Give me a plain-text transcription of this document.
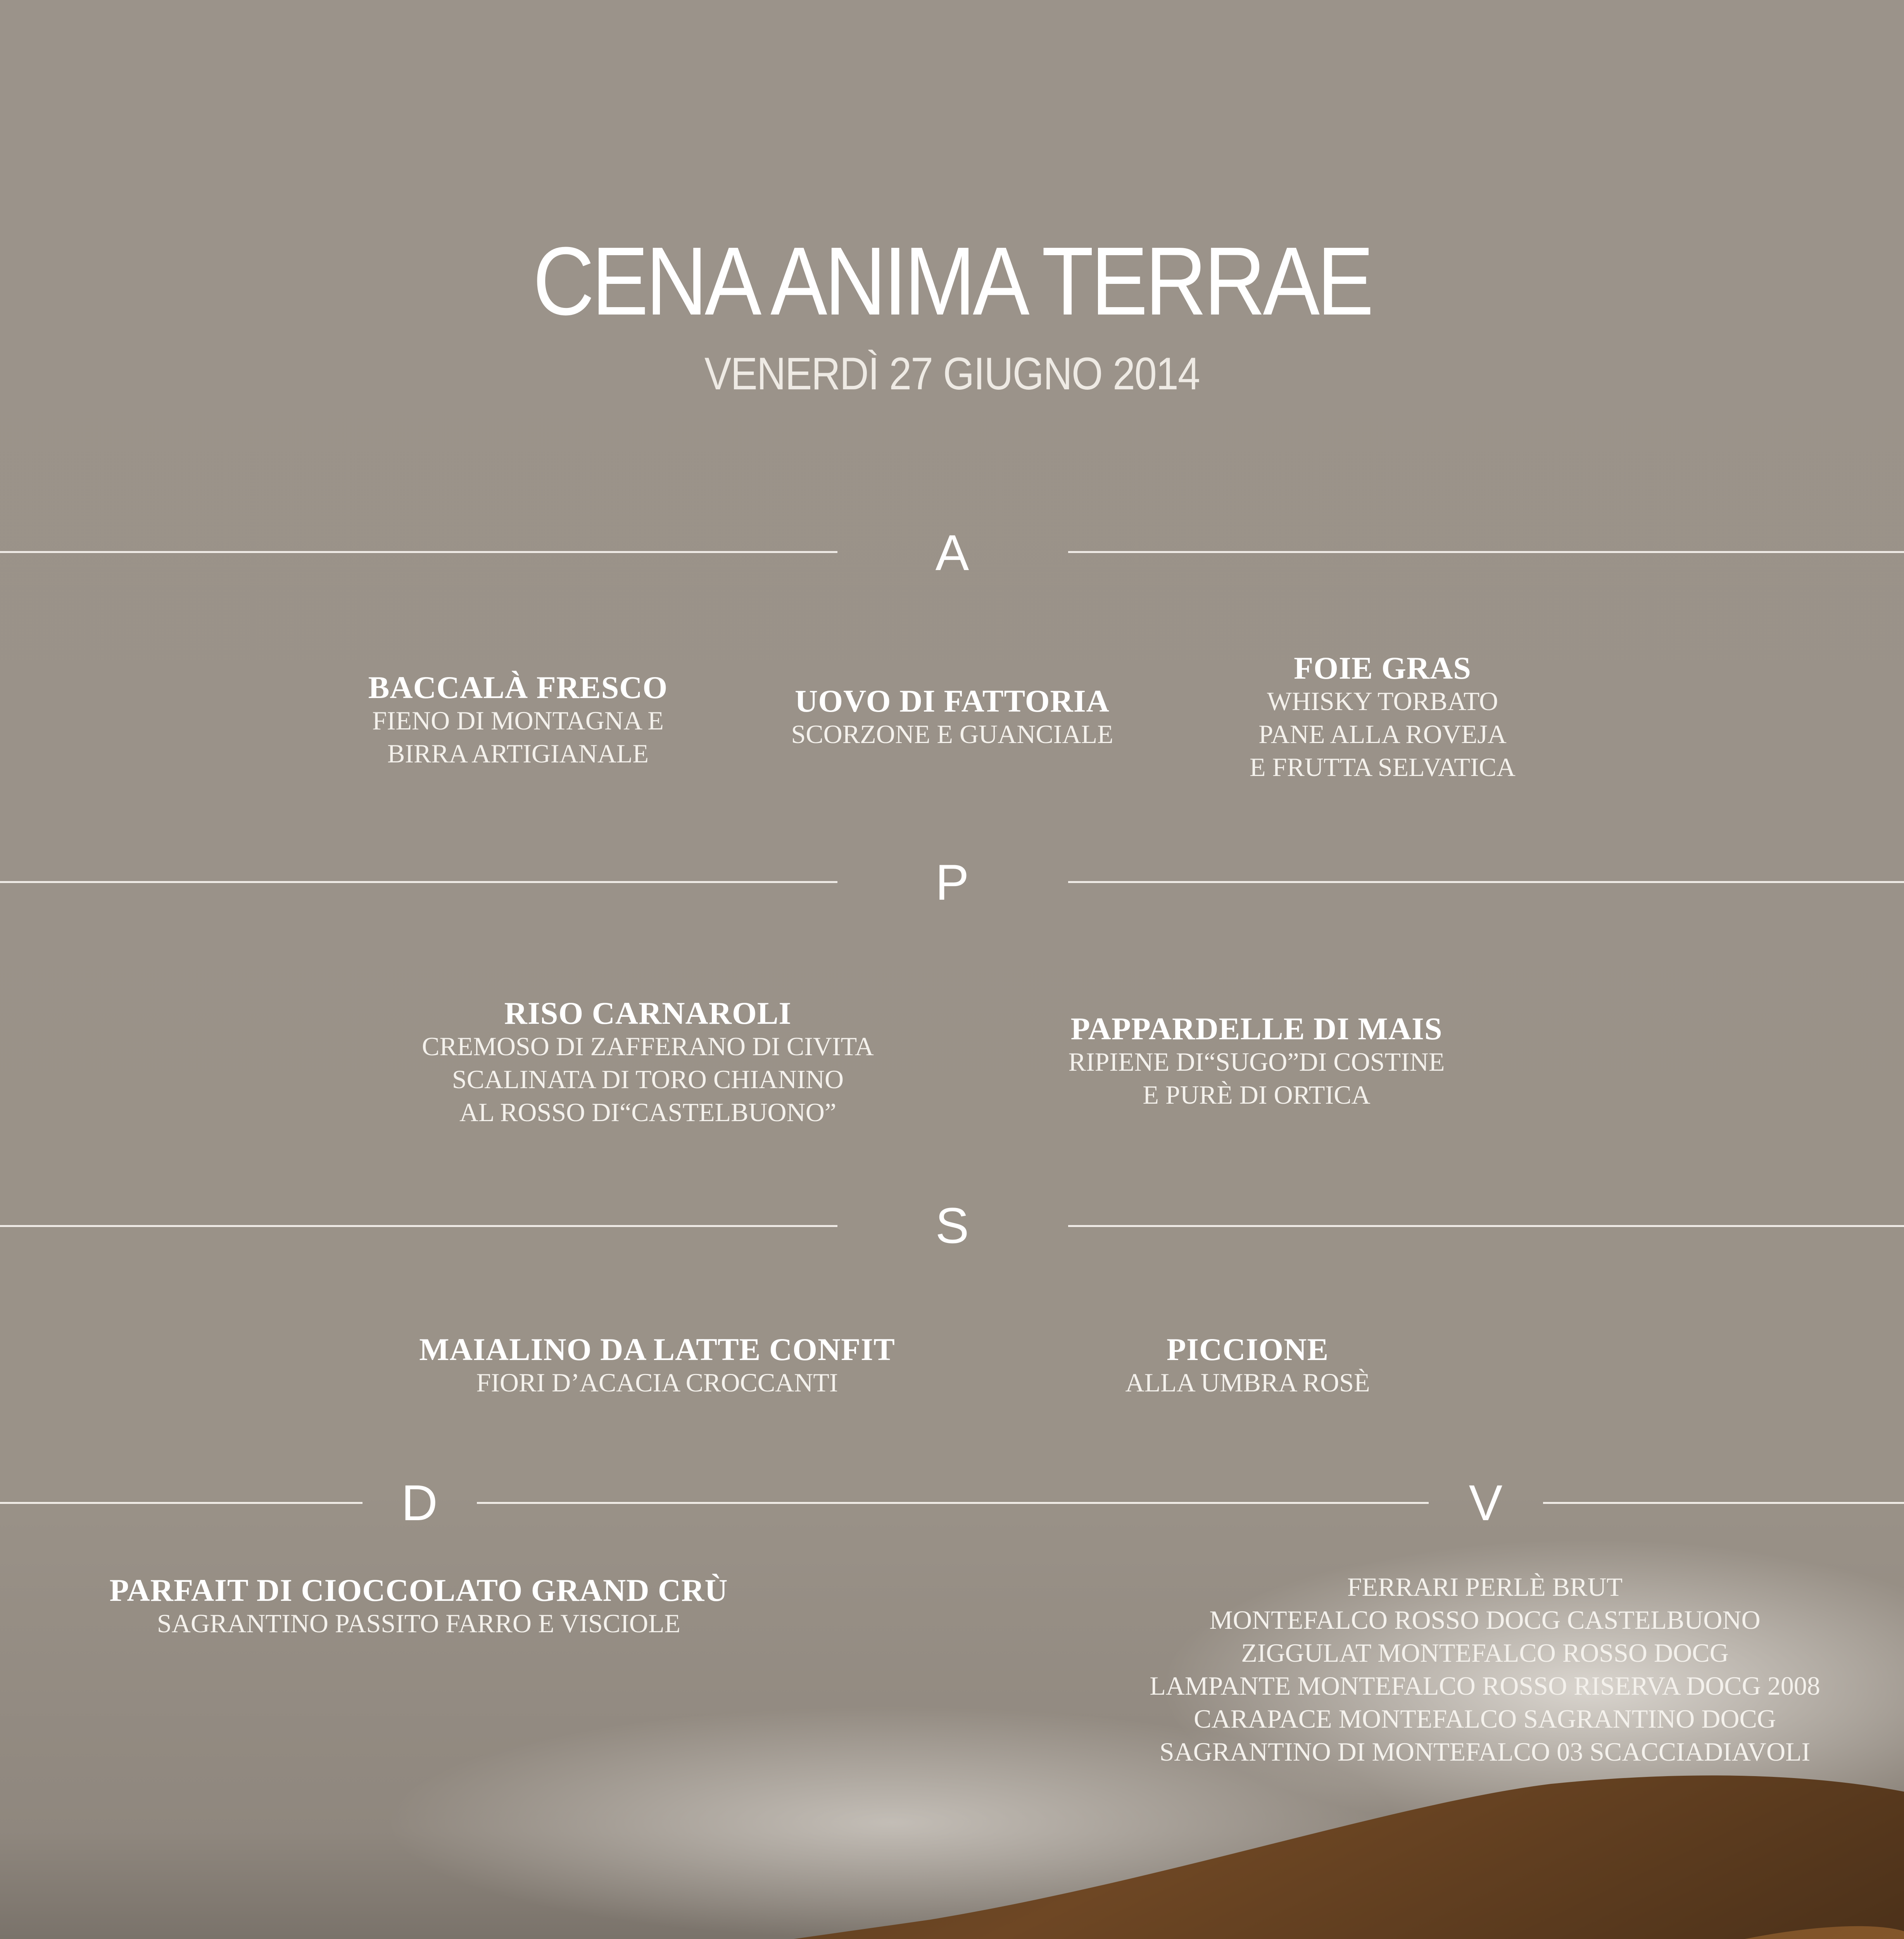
CENA ANIMA TERRAE
VENERDÌ 27 GIUGNO 2014
A
BACCALÀ FRESCO
FIENO DI MONTAGNA E
BIRRA ARTIGIANALE
UOVO DI FATTORIA
SCORZONE E GUANCIALE
FOIE GRAS
WHISKY TORBATO
PANE ALLA ROVEJA
E FRUTTA SELVATICA
P
RISO CARNAROLI
CREMOSO DI ZAFFERANO DI CIVITA
SCALINATA DI TORO CHIANINO
AL ROSSO DI“CASTELBUONO”
PAPPARDELLE DI MAIS
RIPIENE DI“SUGO”DI COSTINE
E PURÈ DI ORTICA
S
MAIALINO DA LATTE CONFIT
FIORI D’ACACIA CROCCANTI
PICCIONE
ALLA UMBRA ROSÈ
D	V
PARFAIT DI CIOCCOLATO GRAND CRÙ
SAGRANTINO PASSITO FARRO E VISCIOLE
FERRARI PERLÈ BRUT
MONTEFALCO ROSSO DOCG CASTELBUONO
ZIGGULAT MONTEFALCO ROSSO DOCG
LAMPANTE MONTEFALCO ROSSO RISERVA DOCG 2008
CARAPACE MONTEFALCO SAGRANTINO DOCG
SAGRANTINO DI MONTEFALCO 03 SCACCIADIAVOLI
